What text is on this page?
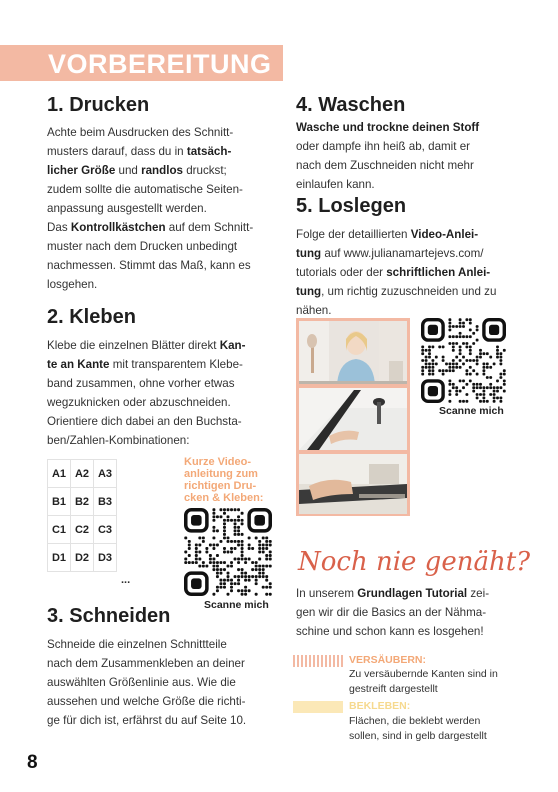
VORBEREITUNG
1. Drucken

Achte beim Ausdrucken des Schnitt-
musters darauf, dass du in tatsäch-
licher Größe und randlos druckst;
zudem sollte die automatische Seiten-
anpassung ausgestellt werden.

Das Kontrollkästchen auf dem Schnitt-
muster nach dem Drucken unbedingt
nachmessen. Stimmt das Maß, kann es
losgehen.

2. Kleben

Klebe die einzelnen Blätter direkt Kan-
te an Kante mit transparentem Klebe-
band zusammen, ohne vorher etwas
wegzuknicken oder abzuschneiden.
Orientiere dich dabei an den Buchsta-
ben/Zahlen-Kombinationen:

A1	A2	A3
B1	B2	B3
C1	C2	C3
D1	D2	D3
...
Kurze Video-
anleitung zum
richtigen Dru-
cken & Kleben:
Scanne mich
3. Schneiden

Schneide die einzelnen Schnittteile
nach dem Zusammenkleben an deiner
auswählten Größenlinie aus. Wie die
aussehen und welche Größe die richti-
ge für dich ist, erfährst du auf Seite 10.

4. Waschen

Wasche und trockne deinen Stoff
oder dampfe ihn heiß ab, damit er
nach dem Zuschneiden nicht mehr
einlaufen kann.

5. Loslegen

Folge der detaillierten Video-Anlei-
tung auf www.julianamartejevs.com/
tutorials oder der schriftlichen Anlei-
tung, um richtig zuzuschneiden und zu
nähen.

Scanne mich
Noch nie genäht?

In unserem Grundlagen Tutorial zei-
gen wir dir die Basics an der Nähma-
schine und schon kann es losgehen!

VERSÄUBERN:
Zu versäubernde Kanten sind in
gestreift dargestellt
BEKLEBEN:
Flächen, die beklebt werden
sollen, sind in gelb dargestellt
8
